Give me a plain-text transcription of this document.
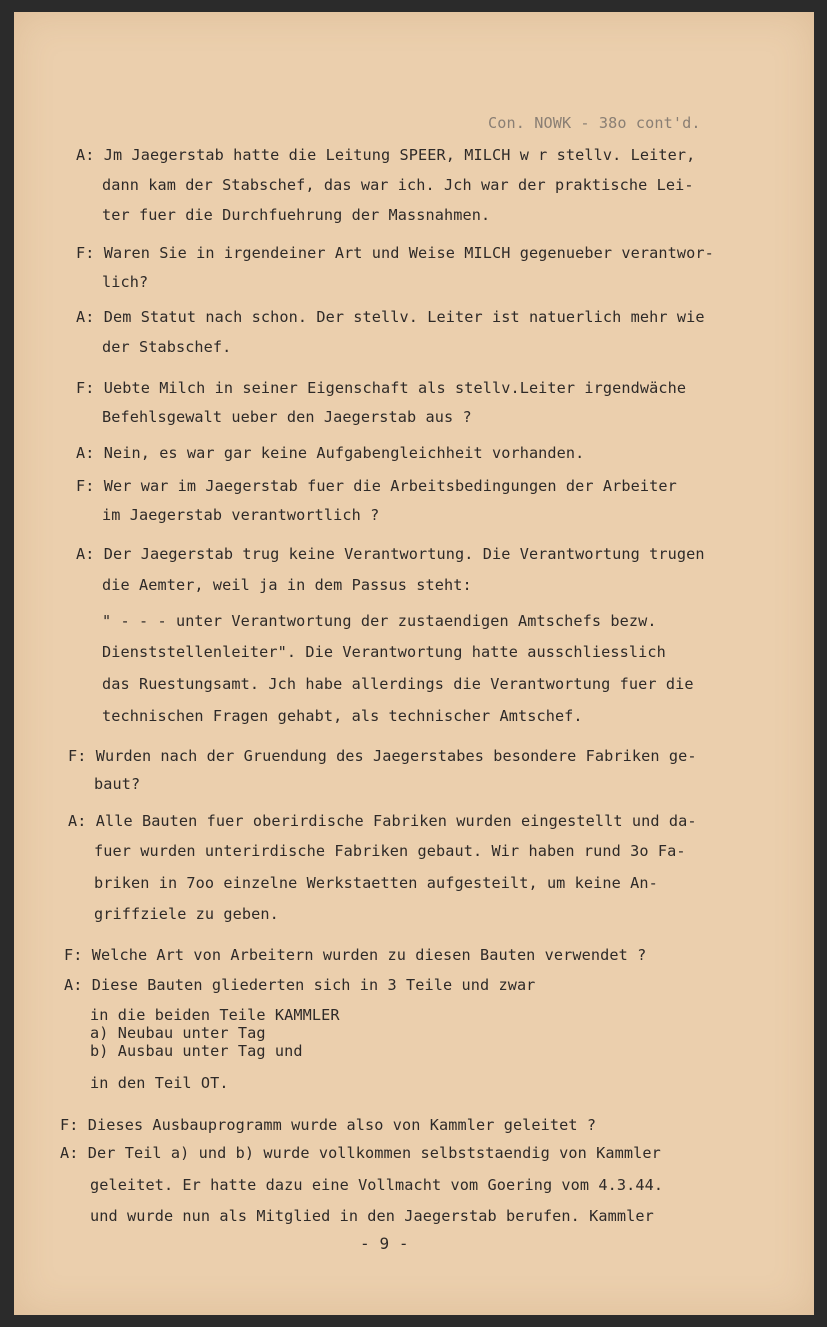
Con. NOWK - 38o cont'd.
A: Jm Jaegerstab hatte die Leitung SPEER, MILCH w r stellv. Leiter,
dann kam der Stabschef, das war ich. Jch war der praktische Lei-
ter fuer die Durchfuehrung der Massnahmen.
F: Waren Sie in irgendeiner Art und Weise MILCH gegenueber verantwor-
lich?
A: Dem Statut nach schon. Der stellv. Leiter ist natuerlich mehr wie
der Stabschef.
F: Uebte Milch in seiner Eigenschaft als stellv.Leiter irgendwäche
Befehlsgewalt ueber den Jaegerstab aus ?
A: Nein, es war gar keine Aufgabengleichheit vorhanden.
F: Wer war im Jaegerstab fuer die Arbeitsbedingungen der Arbeiter
im Jaegerstab verantwortlich ?
A: Der Jaegerstab trug keine Verantwortung. Die Verantwortung trugen
die Aemter, weil ja in dem Passus steht:
" - - - unter Verantwortung der zustaendigen Amtschefs bezw.
Dienststellenleiter". Die Verantwortung hatte ausschliesslich
das Ruestungsamt. Jch habe allerdings die Verantwortung fuer die
technischen Fragen gehabt, als technischer Amtschef.
F: Wurden nach der Gruendung des Jaegerstabes besondere Fabriken ge-
baut?
A: Alle Bauten fuer oberirdische Fabriken wurden eingestellt und da-
fuer wurden unterirdische Fabriken gebaut. Wir haben rund 3o Fa-
briken in 7oo einzelne Werkstaetten aufgesteilt, um keine An-
griffziele zu geben.
F: Welche Art von Arbeitern wurden zu diesen Bauten verwendet ?
A: Diese Bauten gliederten sich in 3 Teile und zwar
in die beiden Teile KAMMLER
a) Neubau unter Tag
b) Ausbau unter Tag und
in den Teil OT.
F: Dieses Ausbauprogramm wurde also von Kammler geleitet ?
A: Der Teil a) und b) wurde vollkommen selbststaendig von Kammler
geleitet. Er hatte dazu eine Vollmacht vom Goering vom 4.3.44.
und wurde nun als Mitglied in den Jaegerstab berufen. Kammler
- 9 -
